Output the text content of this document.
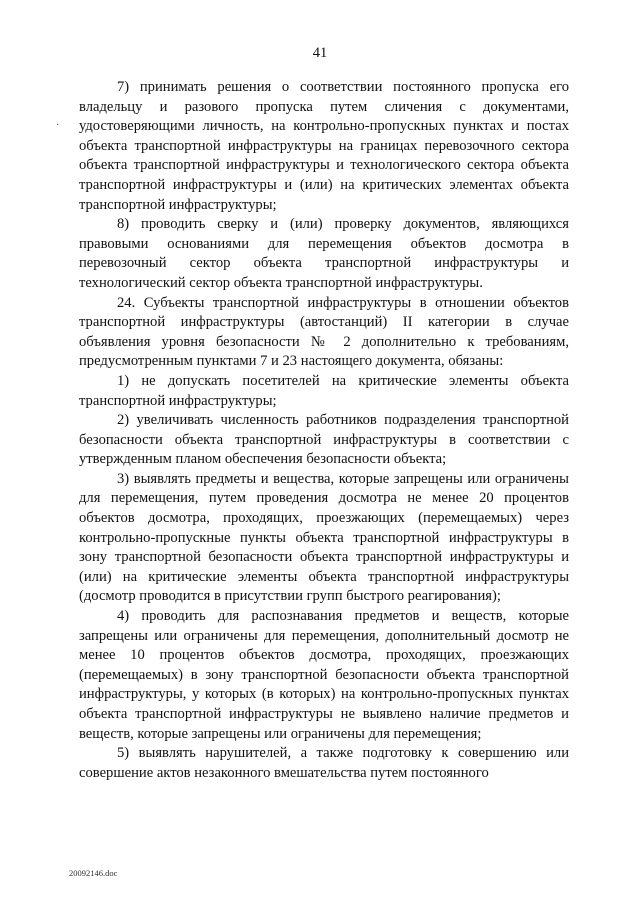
41
·

7) принимать решения о соответствии постоянного пропуска его владельцу и разового пропуска путем сличения с документами, удостоверяющими личность, на контрольно-пропускных пунктах и постах объекта транспортной инфраструктуры на границах перевозочного сектора объекта транспортной инфраструктуры и технологического сектора объекта транспортной инфраструктуры и (или) на критических элементах объекта транспортной инфраструктуры;

8) проводить сверку и (или) проверку документов, являющихся правовыми основаниями для перемещения объектов досмотра в перевозочный сектор объекта транспортной инфраструктуры и технологический сектор объекта транспортной инфраструктуры.

24. Субъекты транспортной инфраструктуры в отношении объектов транспортной инфраструктуры (автостанций) II категории в случае объявления уровня безопасности № 2 дополнительно к требованиям, предусмотренным пунктами 7 и 23 настоящего документа, обязаны:

1) не допускать посетителей на критические элементы объекта транспортной инфраструктуры;

2) увеличивать численность работников подразделения транспортной безопасности объекта транспортной инфраструктуры в соответствии с утвержденным планом обеспечения безопасности объекта;

3) выявлять предметы и вещества, которые запрещены или ограничены для перемещения, путем проведения досмотра не менее 20 процентов объектов досмотра, проходящих, проезжающих (перемещаемых) через контрольно-пропускные пункты объекта транспортной инфраструктуры в зону транспортной безопасности объекта транспортной инфраструктуры и (или) на критические элементы объекта транспортной инфраструктуры (досмотр проводится в присутствии групп быстрого реагирования);

4) проводить для распознавания предметов и веществ, которые запрещены или ограничены для перемещения, дополнительный досмотр не менее 10 процентов объектов досмотра, проходящих, проезжающих (перемещаемых) в зону транспортной безопасности объекта транспортной инфраструктуры, у которых (в которых) на контрольно-пропускных пунктах объекта транспортной инфраструктуры не выявлено наличие предметов и веществ, которые запрещены или ограничены для перемещения;

5) выявлять нарушителей, а также подготовку к совершению или совершение актов незаконного вмешательства путем постоянного

20092146.doc
